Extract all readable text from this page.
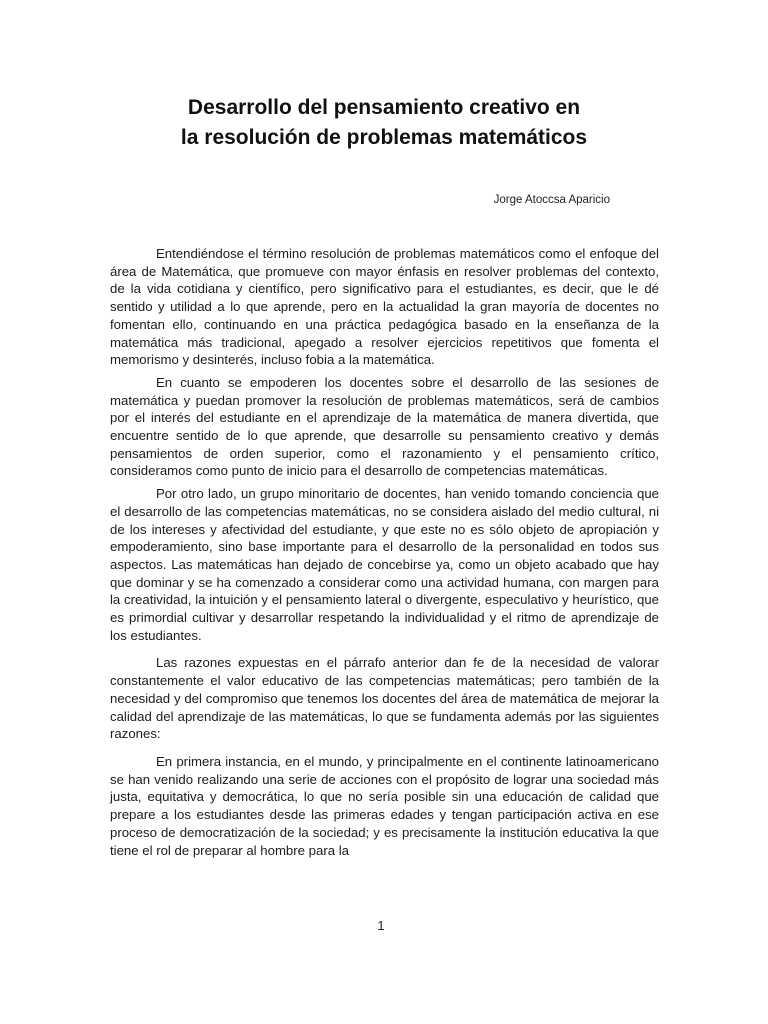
Desarrollo del pensamiento creativo en
la resolución de problemas matemáticos
Jorge Atoccsa Aparicio

Entendiéndose el término resolución de problemas matemáticos como el enfoque del área de Matemática, que promueve con mayor énfasis en resolver problemas del contexto, de la vida cotidiana y científico, pero significativo para el estudiantes, es decir, que le dé sentido y utilidad a lo que aprende, pero en la actualidad la gran mayoría de docentes no fomentan ello, continuando en una práctica pedagógica basado en la enseñanza de la matemática más tradicional, apegado a resolver ejercicios repetitivos que fomenta el memorismo y desinterés, incluso fobia a la matemática.

En cuanto se empoderen los docentes sobre el desarrollo de las sesiones de matemática y puedan promover la resolución de problemas matemáticos, será de cambios por el interés del estudiante en el aprendizaje de la matemática de manera divertida, que encuentre sentido de lo que aprende, que desarrolle su pensamiento creativo y demás pensamientos de orden superior, como el razonamiento y el pensamiento crítico, consideramos como punto de inicio para el desarrollo de competencias matemáticas.

Por otro lado, un grupo minoritario de docentes, han venido tomando conciencia que el desarrollo de las competencias matemáticas, no se considera aislado del medio cultural, ni de los intereses y afectividad del estudiante, y que este no es sólo objeto de apropiación y empoderamiento, sino base importante para el desarrollo de la personalidad en todos sus aspectos. Las matemáticas han dejado de concebirse ya, como un objeto acabado que hay que dominar y se ha comenzado a considerar como una actividad humana, con margen para la creatividad, la intuición y el pensamiento lateral o divergente, especulativo y heurístico, que es primordial cultivar y desarrollar respetando la individualidad y el ritmo de aprendizaje de los estudiantes.

Las razones expuestas en el párrafo anterior dan fe de la necesidad de valorar constantemente el valor educativo de las competencias matemáticas; pero también de la necesidad y del compromiso que tenemos los docentes del área de matemática de mejorar la calidad del aprendizaje de las matemáticas, lo que se fundamenta además por las siguientes razones:

En primera instancia, en el mundo, y principalmente en el continente latinoamericano se han venido realizando una serie de acciones con el propósito de lograr una sociedad más justa, equitativa y democrática, lo que no sería posible sin una educación de calidad que prepare a los estudiantes desde las primeras edades y tengan participación activa en ese proceso de democratización de la sociedad; y es precisamente la institución educativa la que tiene el rol de preparar al hombre para la

1
